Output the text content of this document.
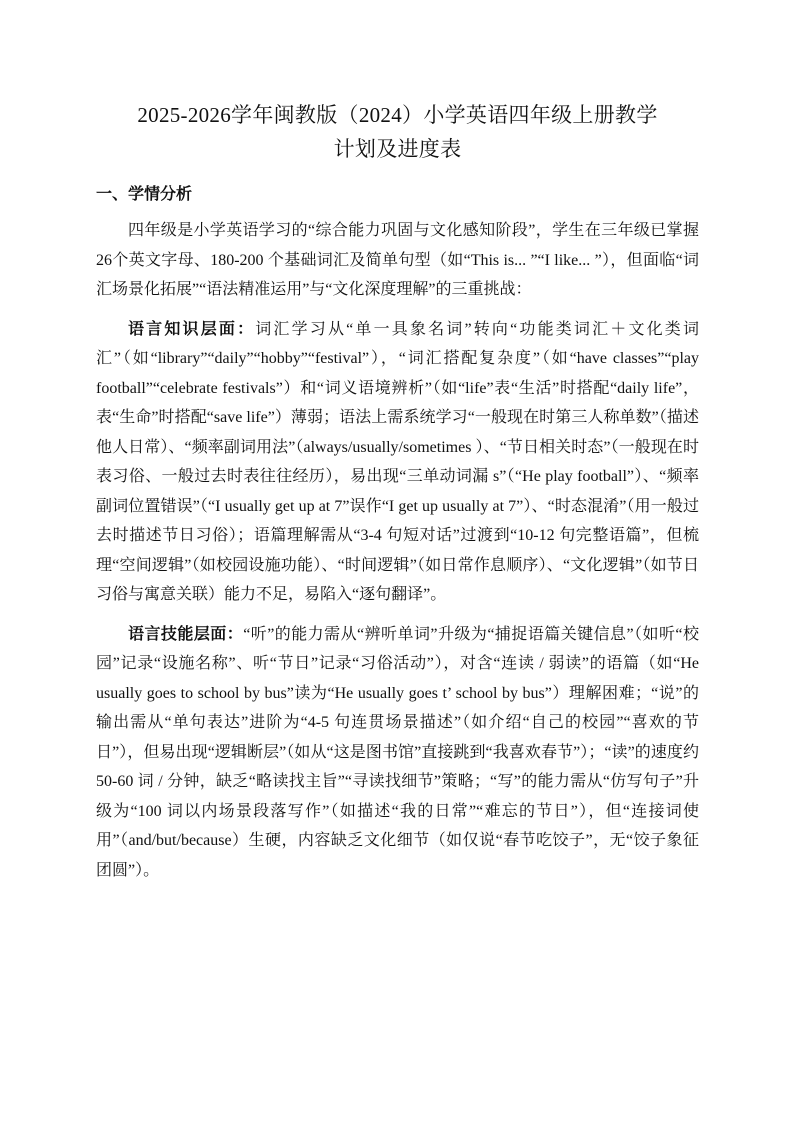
2025-2026学年闽教版（2024）小学英语四年级上册教学
计划及进度表
一、学情分析

四年级是小学英语学习的“综合能力巩固与文化感知阶段”，学生在三年级已掌握26个英文字母、180-200 个基础词汇及简单句型（如“This is... ”“I like... ”），但面临“词汇场景化拓展”“语法精准运用”与“文化深度理解”的三重挑战：

语言知识层面：词汇学习从“单一具象名词”转向“功能类词汇＋文化类词汇”（如“library”“daily”“hobby”“festival”），“词汇搭配复杂度”（如“have classes”“play football”“celebrate festivals”）和“词义语境辨析”（如“life”表“生活”时搭配“daily life”，表“生命”时搭配“save life”）薄弱；语法上需系统学习“一般现在时第三人称单数”（描述他人日常）、“频率副词用法”（always/usually/sometimes ）、“节日相关时态”（一般现在时表习俗、一般过去时表往往经历），易出现“三单动词漏 s”（“He play football”）、“频率副词位置错误”（“I usually get up at 7”误作“I get up usually at 7”）、“时态混淆”（用一般过去时描述节日习俗）；语篇理解需从“3-4 句短对话”过渡到“10-12 句完整语篇”，但梳理“空间逻辑”（如校园设施功能）、“时间逻辑”（如日常作息顺序）、“文化逻辑”（如节日习俗与寓意关联）能力不足，易陷入“逐句翻译”。

语言技能层面：“听”的能力需从“辨听单词”升级为“捕捉语篇关键信息”（如听“校园”记录“设施名称”、听“节日”记录“习俗活动”），对含“连读 / 弱读”的语篇（如“He usually goes to school by bus”读为“He usually goes t’ school by bus”）理解困难；“说”的输出需从“单句表达”进阶为“4-5 句连贯场景描述”（如介绍“自己的校园”“喜欢的节日”），但易出现“逻辑断层”（如从“这是图书馆”直接跳到“我喜欢春节”）；“读”的速度约 50-60 词 / 分钟，缺乏“略读找主旨”“寻读找细节”策略；“写”的能力需从“仿写句子”升级为“100 词以内场景段落写作”（如描述“我的日常”“难忘的节日”），但“连接词使用”（and/but/because）生硬，内容缺乏文化细节（如仅说“春节吃饺子”，无“饺子象征团圆”）。
